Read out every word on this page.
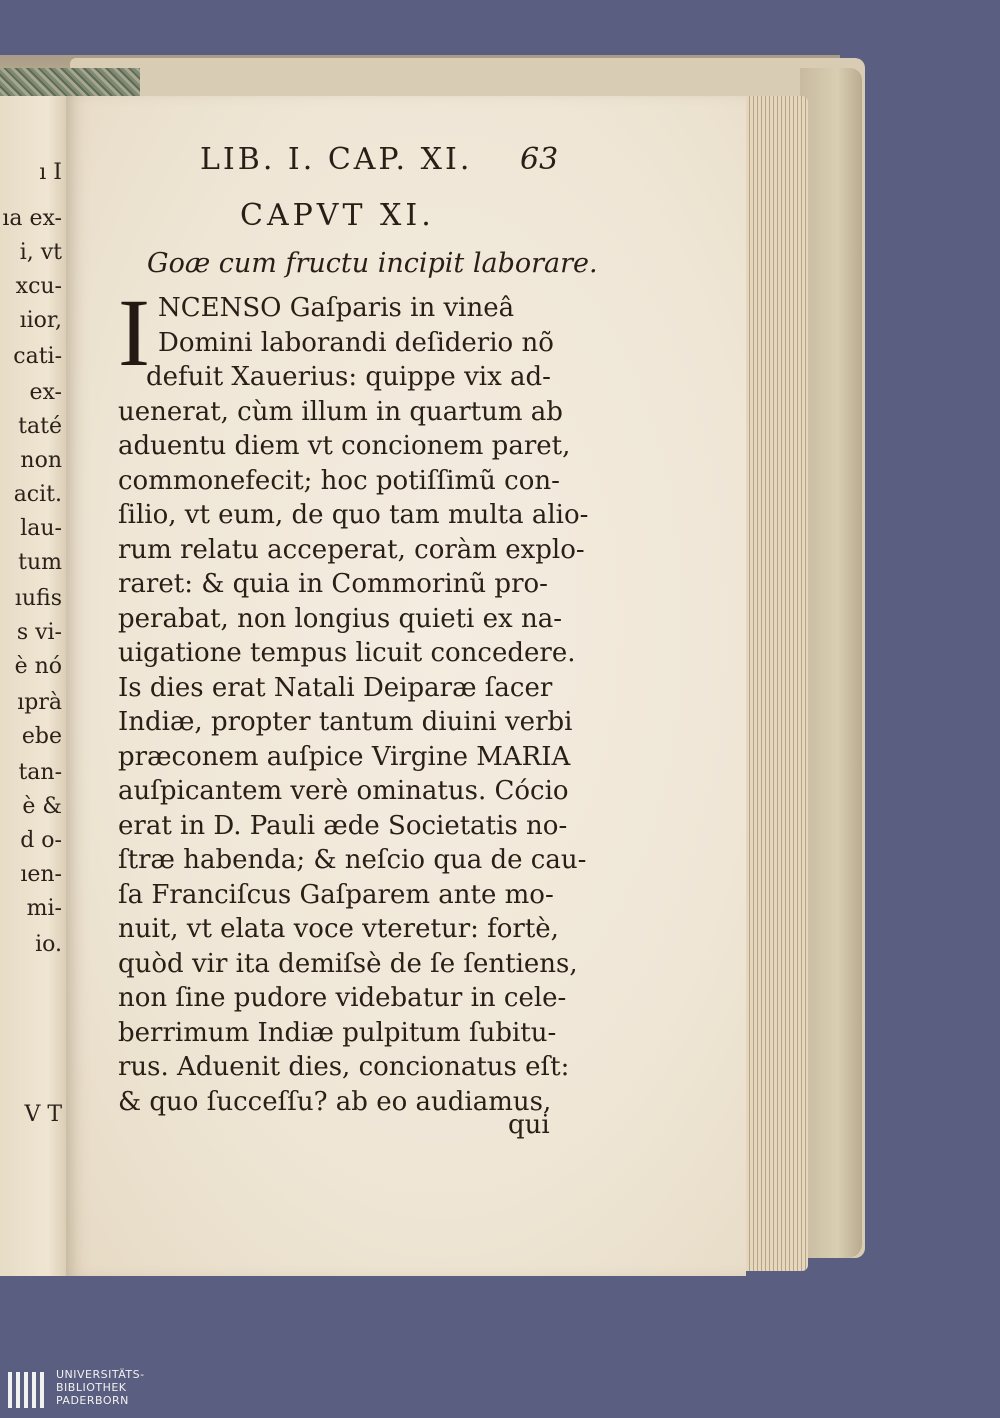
ı I
ıa ex-
i, vt
xcu-
ıior,
cati-
ex-
taté
non
acit.
lau-
tum
ıufis
s vi-
è nó
ıprà
ebe
tan-
è &
d o-
ıen-
mi-
io.
V T
LIB. I. CAP. XI. 63
CAPVT XI.
Goæ cum fructu incipit laborare.
I NCENSO Gaſparis in vineâ
Domini laborandi deſiderio nõ
defuit Xauerius: quippe vix ad-
uenerat, cùm illum in quartum ab
aduentu diem vt concionem paret,
commonefecit; hoc potiſſimũ con-
ſilio, vt eum, de quo tam multa alio-
rum relatu acceperat, coràm explo-
raret: & quia in Commorinũ pro-
perabat, non longius quieti ex na-
uigatione tempus licuit concedere.
Is dies erat Natali Deiparæ ſacer
Indiæ, propter tantum diuini verbi
præconem auſpice Virgine MARIA
auſpicantem verè ominatus. Cócio
erat in D. Pauli æde Societatis no-
ſtræ habenda; & neſcio qua de cau-
ſa Franciſcus Gaſparem ante mo-
nuit, vt elata voce vteretur: fortè,
quòd vir ita demiſsè de ſe ſentiens,
non ſine pudore videbatur in cele-
berrimum Indiæ pulpitum ſubitu-
rus. Aduenit dies, concionatus eſt:
& quo ſucceſſu? ab eo audiamus,
qui
UNIVERSITÄTS-
BIBLIOTHEK
PADERBORN
